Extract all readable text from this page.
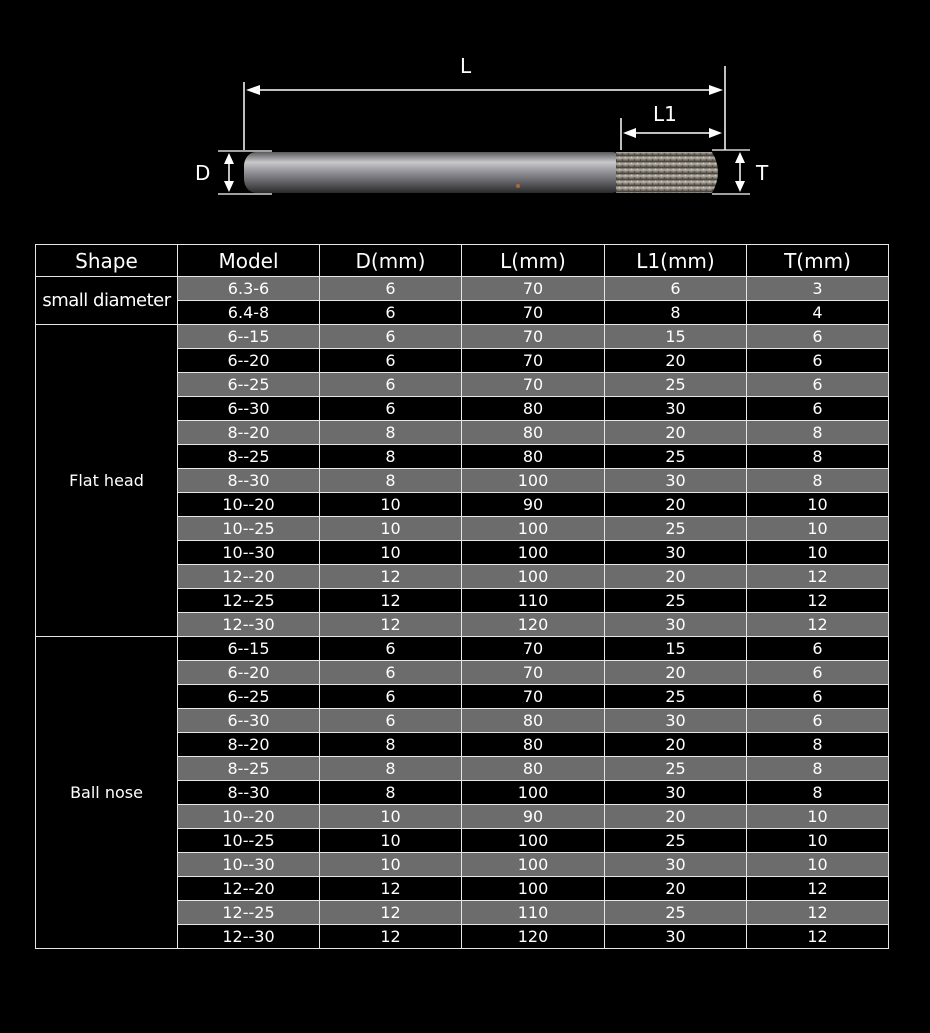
L
L1
D	T
Shape	Model	D(mm)	L(mm)	L1(mm)	T(mm)
small diameter	6.3-6	6	70	6	3
	6.4-8	6	70	8	4
Flat head	6--15	6	70	15	6
	6--20	6	70	20	6
	6--25	6	70	25	6
	6--30	6	80	30	6
	8--20	8	80	20	8
	8--25	8	80	25	8
	8--30	8	100	30	8
	10--20	10	90	20	10
	10--25	10	100	25	10
	10--30	10	100	30	10
	12--20	12	100	20	12
	12--25	12	110	25	12
	12--30	12	120	30	12
Ball nose	6--15	6	70	15	6
	6--20	6	70	20	6
	6--25	6	70	25	6
	6--30	6	80	30	6
	8--20	8	80	20	8
	8--25	8	80	25	8
	8--30	8	100	30	8
	10--20	10	90	20	10
	10--25	10	100	25	10
	10--30	10	100	30	10
	12--20	12	100	20	12
	12--25	12	110	25	12
	12--30	12	120	30	12
